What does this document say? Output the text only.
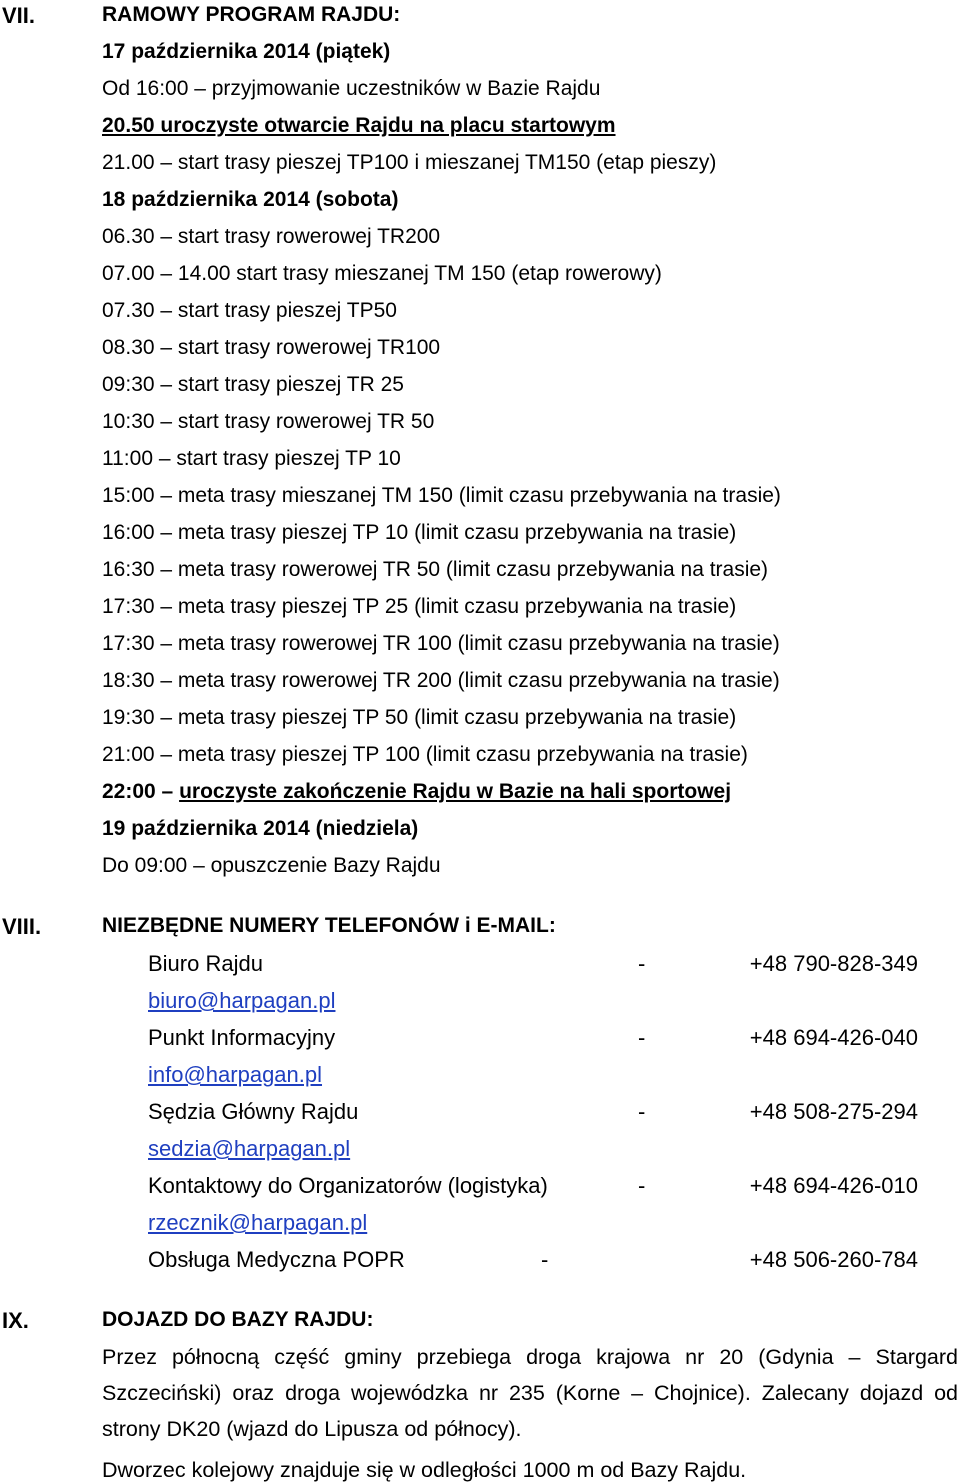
VII.	RAMOWY PROGRAM RAJDU:
17 października 2014 (piątek)
Od 16:00 – przyjmowanie uczestników w Bazie Rajdu
20.50 uroczyste otwarcie Rajdu na placu startowym
21.00 – start trasy pieszej TP100 i mieszanej TM150 (etap pieszy)
18 października 2014 (sobota)
06.30 – start trasy rowerowej TR200
07.00 – 14.00 start trasy mieszanej TM 150 (etap rowerowy)
07.30 – start trasy pieszej TP50
08.30 – start trasy rowerowej TR100
09:30 – start trasy pieszej TR 25
10:30 – start trasy rowerowej TR 50
11:00 – start trasy pieszej TP 10
15:00 – meta trasy mieszanej TM 150 (limit czasu przebywania na trasie)
16:00 – meta trasy pieszej TP 10 (limit czasu przebywania na trasie)
16:30 – meta trasy rowerowej TR 50 (limit czasu przebywania na trasie)
17:30 – meta trasy pieszej TP 25 (limit czasu przebywania na trasie)
17:30 – meta trasy rowerowej TR 100 (limit czasu przebywania na trasie)
18:30 – meta trasy rowerowej TR 200 (limit czasu przebywania na trasie)
19:30 – meta trasy pieszej TP 50 (limit czasu przebywania na trasie)
21:00 – meta trasy pieszej TP 100 (limit czasu przebywania na trasie)
22:00 – uroczyste zakończenie Rajdu w Bazie na hali sportowej
19 października 2014 (niedziela)
Do 09:00 – opuszczenie Bazy Rajdu
VIII.	NIEZBĘDNE NUMERY TELEFONÓW i E-MAIL:
Biuro Rajdu	-	+48 790-828-349
biuro@harpagan.pl
Punkt Informacyjny	-	+48 694-426-040
info@harpagan.pl
Sędzia Główny Rajdu	-	+48 508-275-294
sedzia@harpagan.pl
Kontaktowy do Organizatorów (logistyka)	-	+48 694-426-010
rzecznik@harpagan.pl
Obsługa Medyczna POPR	-	+48 506-260-784
IX.	DOJAZD DO BAZY RAJDU:
Przez północną część gminy przebiega droga krajowa nr 20 (Gdynia – Stargard Szczeciński) oraz droga wojewódzka nr 235 (Korne – Chojnice). Zalecany dojazd od strony DK20 (wjazd do Lipusza od północy).
Dworzec kolejowy znajduje się w odległości 1000 m od Bazy Rajdu.
